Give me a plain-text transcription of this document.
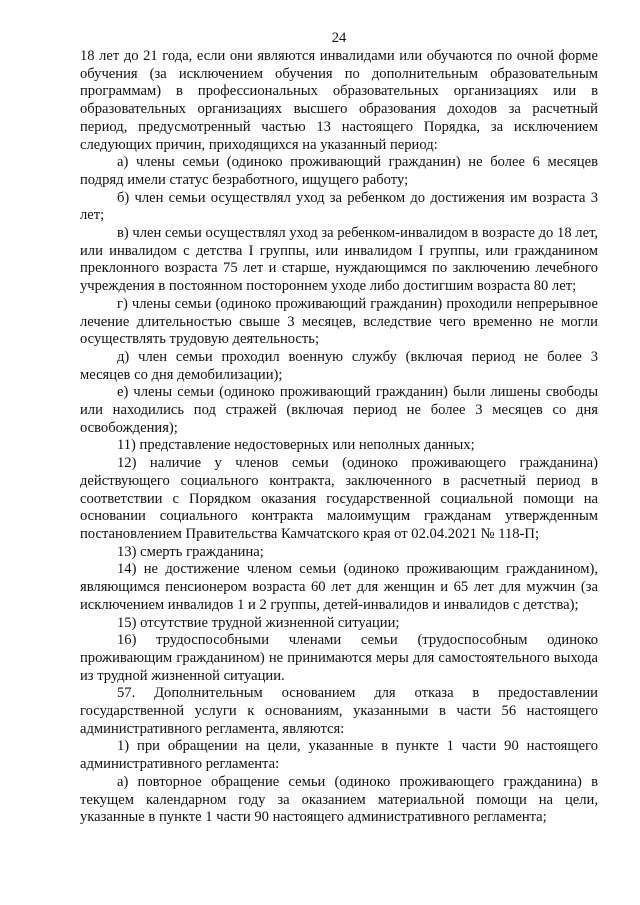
24

18 лет до 21 года, если они являются инвалидами или обучаются по очной форме обучения (за исключением обучения по дополнительным образовательным программам) в профессиональных образовательных организациях или в образовательных организациях высшего образования доходов за расчетный период, предусмотренный частью 13 настоящего Порядка, за исключением следующих причин, приходящихся на указанный период:

а) члены семьи (одиноко проживающий гражданин) не более 6 месяцев подряд имели статус безработного, ищущего работу;

б) член семьи осуществлял уход за ребенком до достижения им возраста 3 лет;

в) член семьи осуществлял уход за ребенком-инвалидом в возрасте до 18 лет, или инвалидом с детства I группы, или инвалидом I группы, или гражданином преклонного возраста 75 лет и старше, нуждающимся по заключению лечебного учреждения в постоянном постороннем уходе либо достигшим возраста 80 лет;

г) члены семьи (одиноко проживающий гражданин) проходили непрерывное лечение длительностью свыше 3 месяцев, вследствие чего временно не могли осуществлять трудовую деятельность;

д) член семьи проходил военную службу (включая период не более 3 месяцев со дня демобилизации);

е) члены семьи (одиноко проживающий гражданин) были лишены свободы или находились под стражей (включая период не более 3 месяцев со дня освобождения);

11) представление недостоверных или неполных данных;

12) наличие у членов семьи (одиноко проживающего гражданина) действующего социального контракта, заключенного в расчетный период в соответствии с Порядком оказания государственной социальной помощи на основании социального контракта малоимущим гражданам утвержденным постановлением Правительства Камчатского края от 02.04.2021 № 118-П;

13) смерть гражданина;

14) не достижение членом семьи (одиноко проживающим гражданином), являющимся пенсионером возраста 60 лет для женщин и 65 лет для мужчин (за исключением инвалидов 1 и 2 группы, детей-инвалидов и инвалидов с детства);

15) отсутствие трудной жизненной ситуации;

16) трудоспособными членами семьи (трудоспособным одиноко проживающим гражданином) не принимаются меры для самостоятельного выхода из трудной жизненной ситуации.

57. Дополнительным основанием для отказа в предоставлении государственной услуги к основаниям, указанными в части 56 настоящего административного регламента, являются:

1) при обращении на цели, указанные в пункте 1 части 90 настоящего административного регламента:

а) повторное обращение семьи (одиноко проживающего гражданина) в текущем календарном году за оказанием материальной помощи на цели, указанные в пункте 1 части 90 настоящего административного регламента;
